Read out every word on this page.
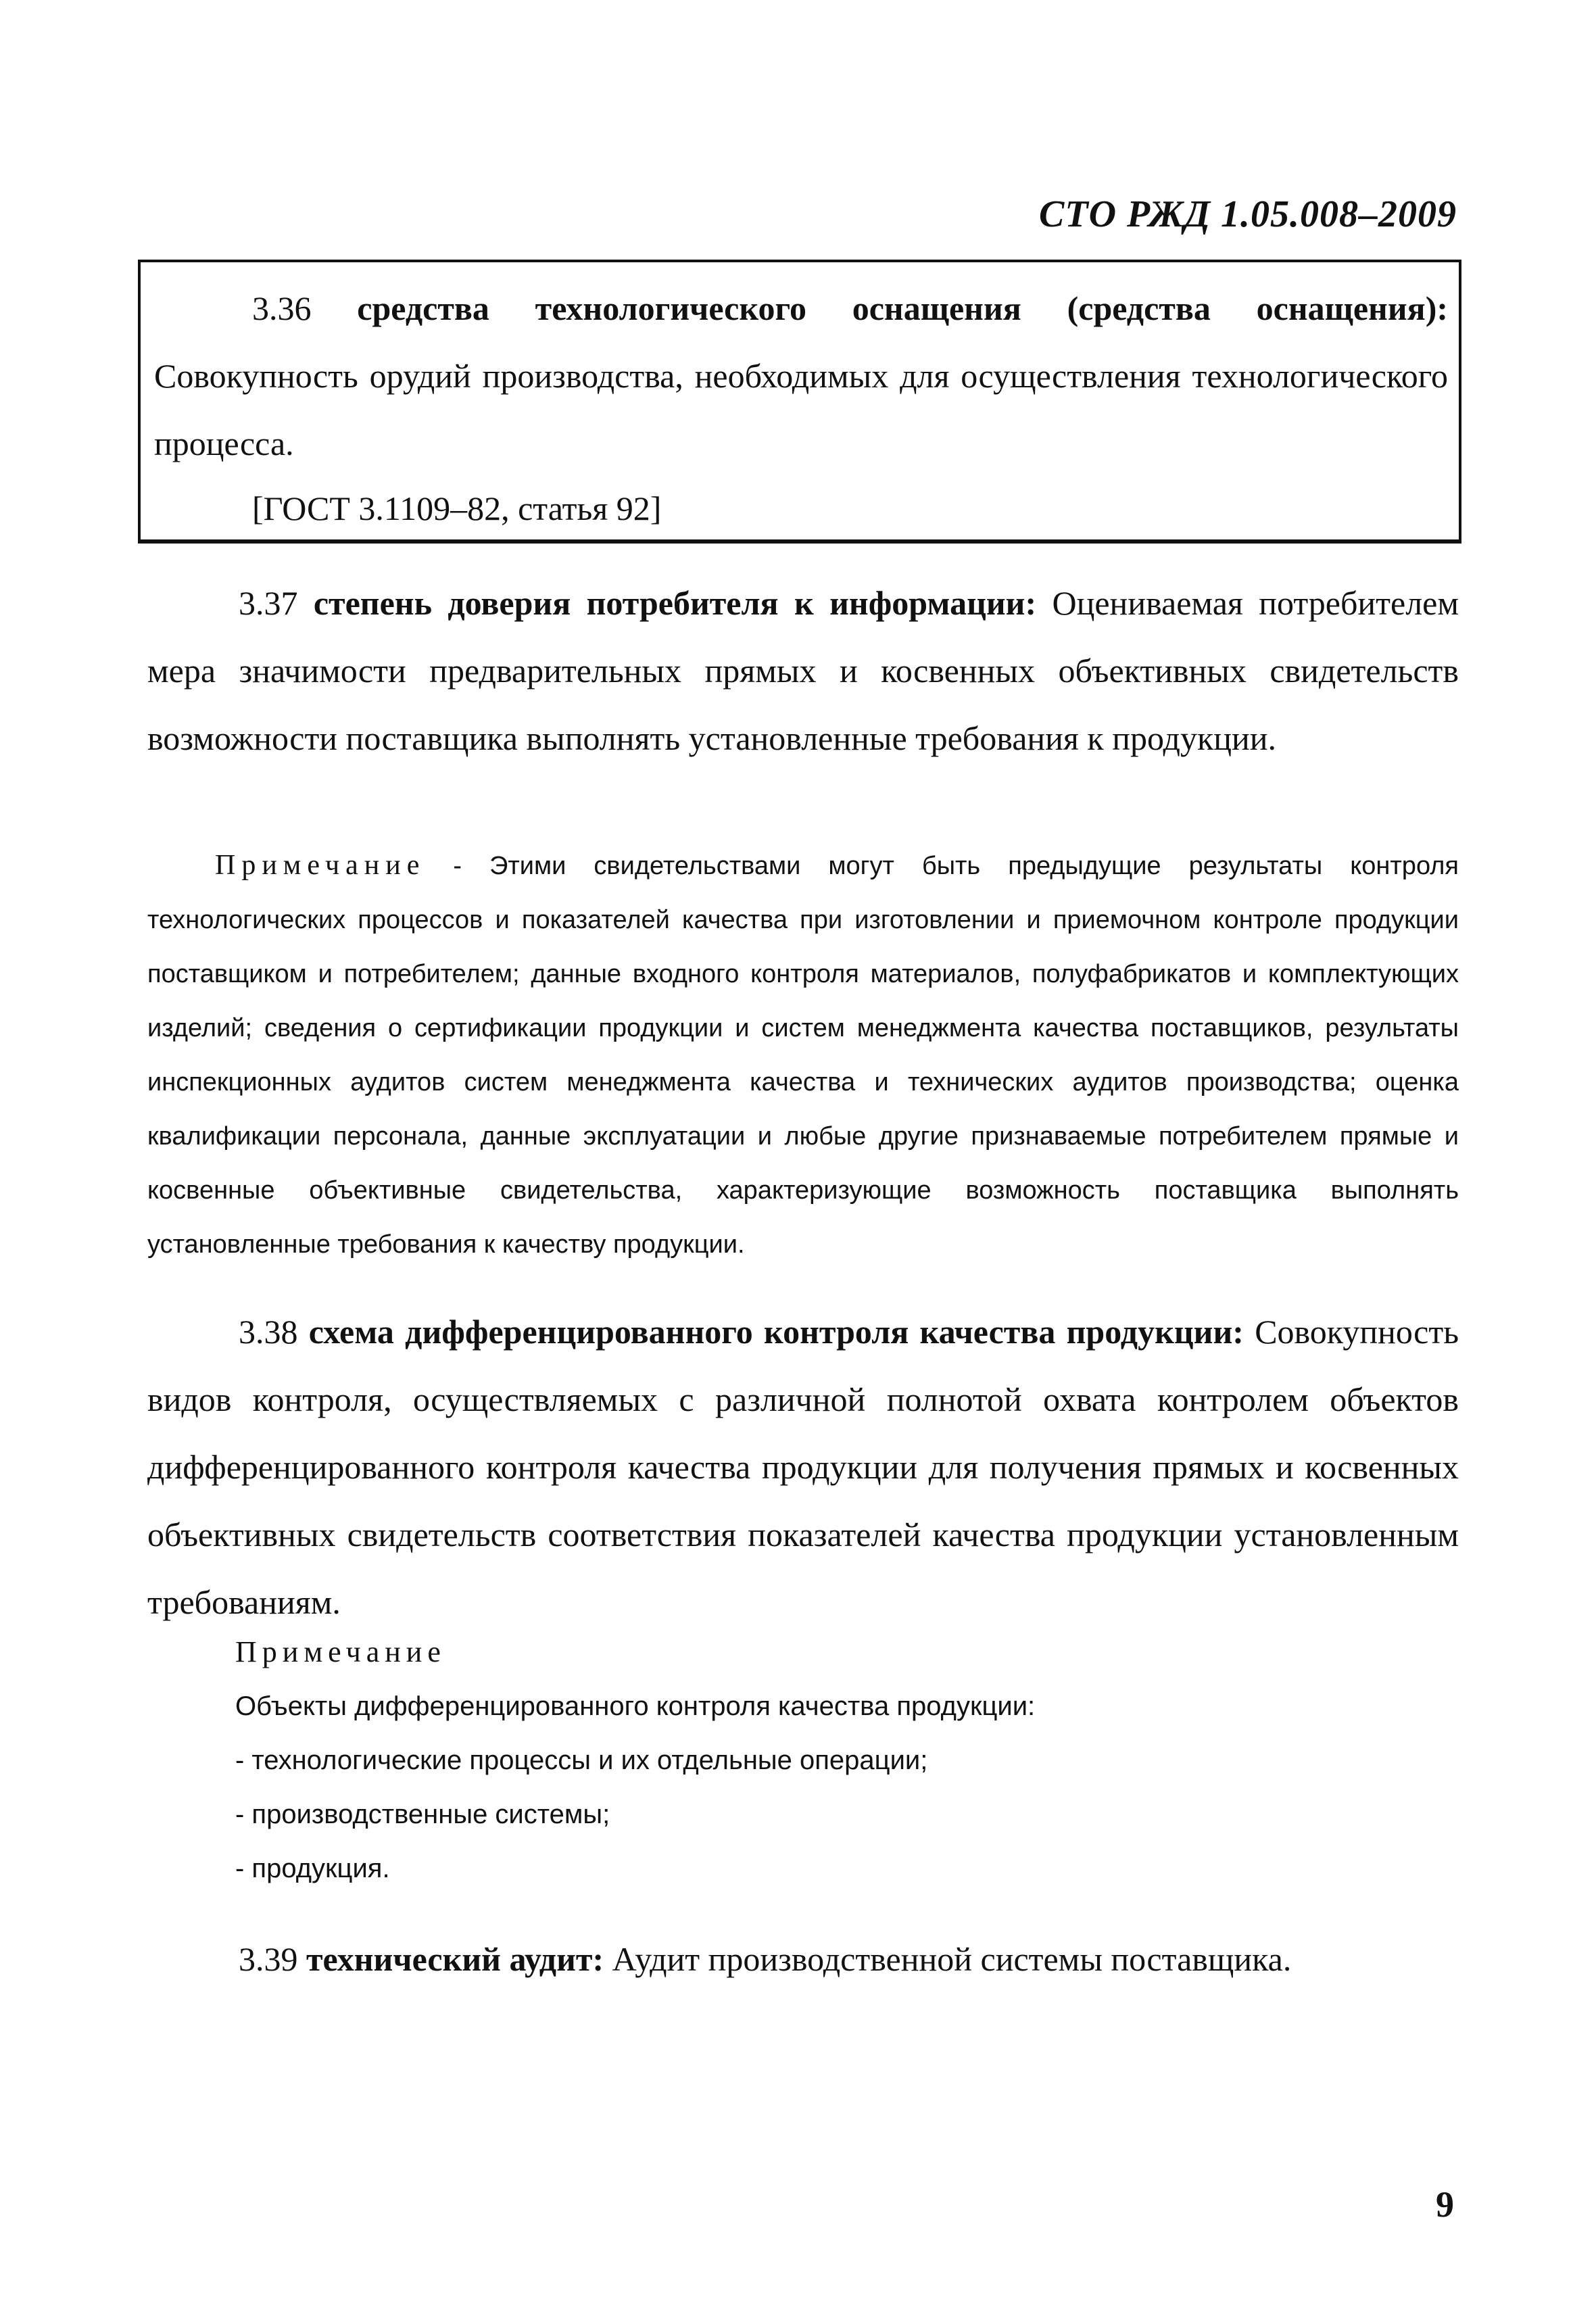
СТО РЖД 1.05.008–2009

3.36 средства технологического оснащения (средства оснащения): Совокупность орудий производства, необходимых для осуществления технологического процесса.

[ГОСТ 3.1109–82, статья 92]

3.37 степень доверия потребителя к информации: Оцениваемая потребителем мера значимости предварительных прямых и косвенных объективных свидетельств возможности поставщика выполнять установленные требования к продукции.

Примечание - Этими свидетельствами могут быть предыдущие результаты контроля технологических процессов и показателей качества при изготовлении и приемочном контроле продукции поставщиком и потребителем; данные входного контроля материалов, полуфабрикатов и комплектующих изделий; сведения о сертификации продукции и систем менеджмента качества поставщиков, результаты инспекционных аудитов систем менеджмента качества и технических аудитов производства; оценка квалификации персонала, данные эксплуатации и любые другие признаваемые потребителем прямые и косвенные объективные свидетельства, характеризующие возможность поставщика выполнять установленные требования к качеству продукции.

3.38 схема дифференцированного контроля качества продукции: Совокупность видов контроля, осуществляемых с различной полнотой охвата контролем объектов дифференцированного контроля качества продукции для получения прямых и косвенных объективных свидетельств соответствия показателей качества продукции установленным требованиям.

Примечание

Объекты дифференцированного контроля качества продукции:

- технологические процессы и их отдельные операции;

- производственные системы;

- продукция.

3.39 технический аудит: Аудит производственной системы поставщика.

9
